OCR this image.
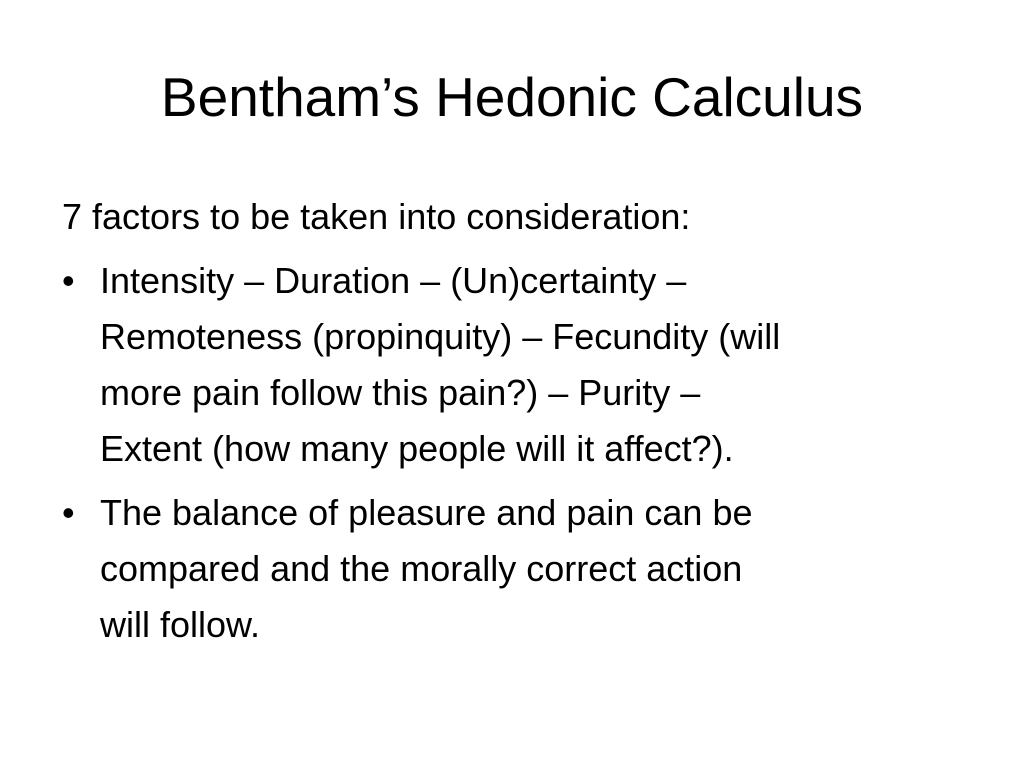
Bentham’s Hedonic Calculus

7 factors to be taken into consideration:

• Intensity – Duration – (Un)certainty –
Remoteness (propinquity) – Fecundity (will
more pain follow this pain?) – Purity –
Extent (how many people will it affect?).
• The balance of pleasure and pain can be
compared and the morally correct action
will follow.
